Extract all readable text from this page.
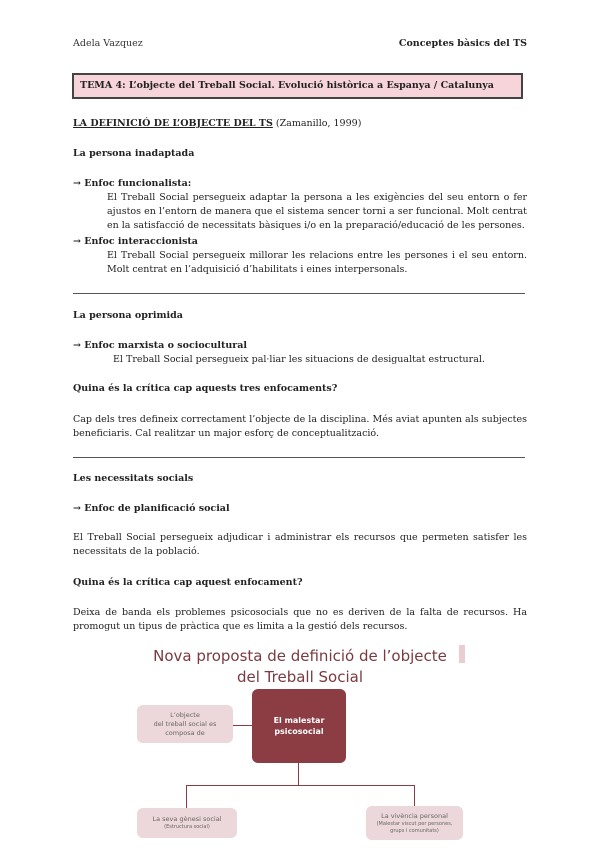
Adela Vazquez	Conceptes bàsics del TS
TEMA 4: L’objecte del Treball Social. Evolució històrica a Espanya / Catalunya
LA DEFINICIÓ DE L’OBJECTE DEL TS (Zamanillo, 1999)
La persona inadaptada
→ Enfoc funcionalista:
El Treball Social persegueix adaptar la persona a les exigències del seu entorn o fer ajustos en l’entorn de manera que el sistema sencer torni a ser funcional. Molt centrat en la satisfacció de necessitats bàsiques i/o en la preparació/educació de les persones.
→ Enfoc interaccionista
El Treball Social persegueix millorar les relacions entre les persones i el seu entorn. Molt centrat en l’adquisició d’habilitats i eines interpersonals.
La persona oprimida
→ Enfoc marxista o sociocultural
El Treball Social persegueix pal·liar les situacions de desigualtat estructural.
Quina és la crítica cap aquests tres enfocaments?
Cap dels tres defineix correctament l’objecte de la disciplina. Més aviat apunten als subjectes beneficiaris. Cal realitzar un major esforç de conceptualització.
Les necessitats socials
→ Enfoc de planificació social
El Treball Social persegueix adjudicar i administrar els recursos que permeten satisfer les necessitats de la població.
Quina és la crítica cap aquest enfocament?
Deixa de banda els problemes psicosocials que no es deriven de la falta de recursos. Ha promogut un tipus de pràctica que es limita a la gestió dels recursos.
Nova proposta de definició de l’objecte del Treball Social
El malestar psicosocial
L’objecte
del treball social es
composa de
La seva gènesi social
(Estructura social)
La vivència personal
(Malestar viscut per persones, grups i comunitats)
